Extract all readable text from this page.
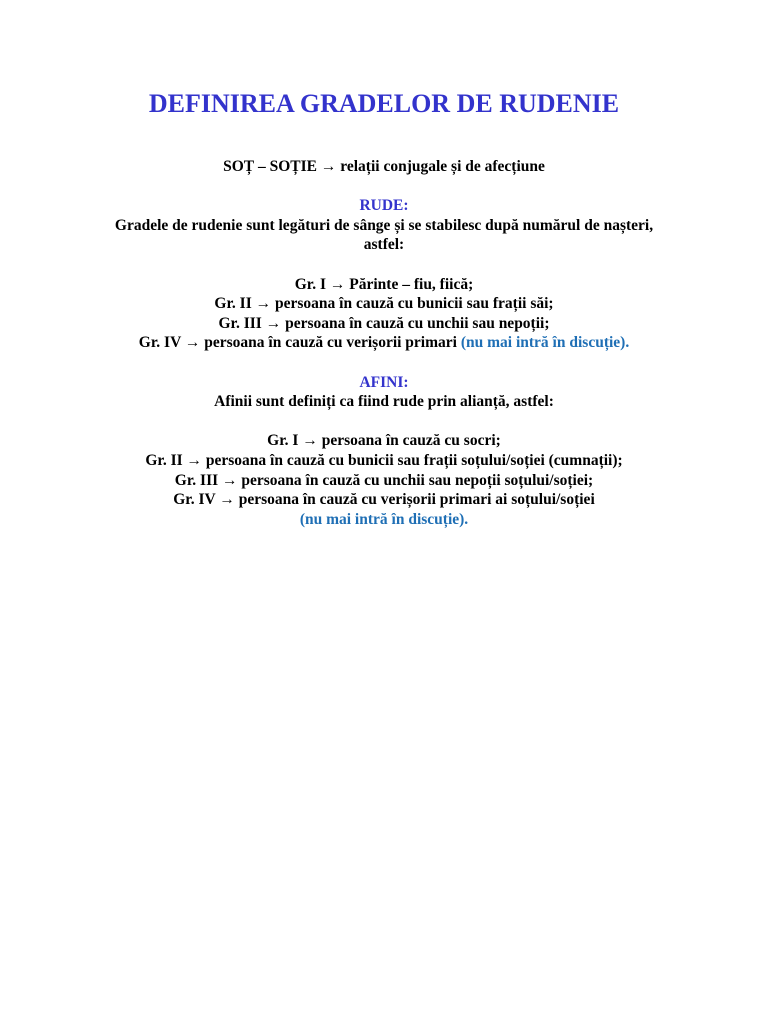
DEFINIREA GRADELOR DE RUDENIE
SOȚ – SOȚIE → relații conjugale și de afecțiune
RUDE:
Gradele de rudenie sunt legături de sânge și se stabilesc după numărul de nașteri,
astfel:
Gr. I → Părinte – fiu, fiică;
Gr. II → persoana în cauză cu bunicii sau frații săi;
Gr. III → persoana în cauză cu unchii sau nepoții;
Gr. IV → persoana în cauză cu verișorii primari (nu mai intră în discuție).
AFINI:
Afinii sunt definiți ca fiind rude prin alianță, astfel:
Gr. I → persoana în cauză cu socri;
Gr. II → persoana în cauză cu bunicii sau frații soțului/soției (cumnații);
Gr. III → persoana în cauză cu unchii sau nepoții soțului/soției;
Gr. IV → persoana în cauză cu verișorii primari ai soțului/soției
(nu mai intră în discuție).
